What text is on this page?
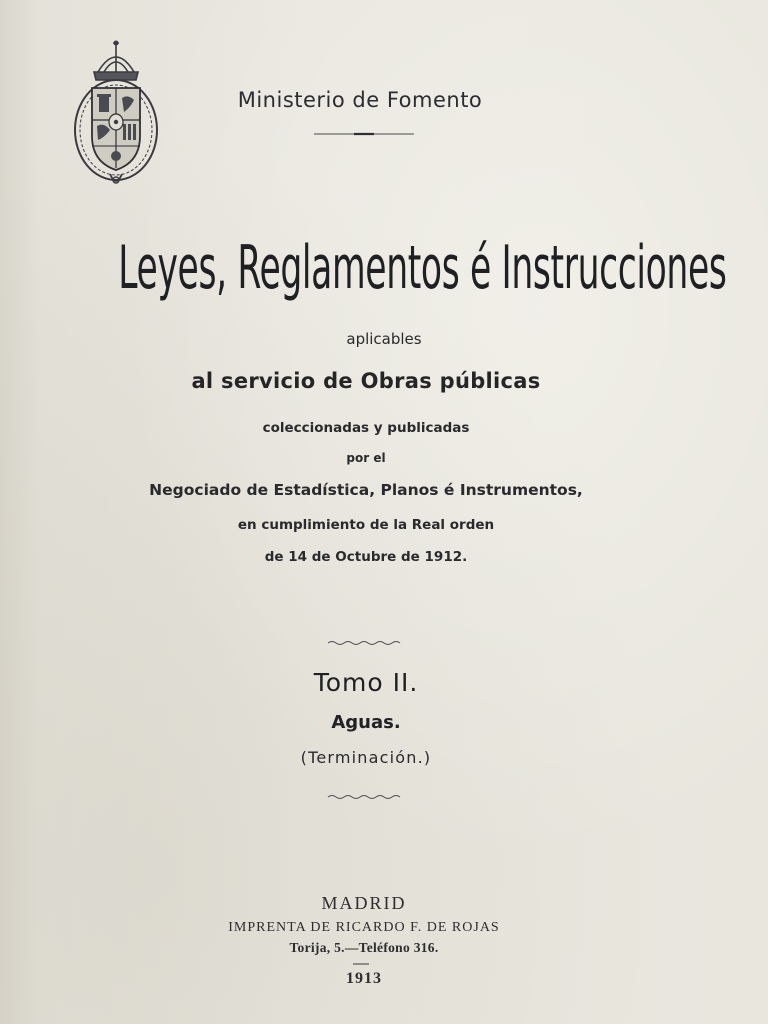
Ministerio de Fomento
Leyes, Reglamentos é Instrucciones
aplicables
al servicio de Obras públicas
coleccionadas y publicadas
por el
Negociado de Estadística, Planos é Instrumentos,
en cumplimiento de la Real orden
de 14 de Octubre de 1912.
Tomo II.
Aguas.
(Terminación.)
MADRID
IMPRENTA DE RICARDO F. DE ROJAS
Torija, 5.—Teléfono 316.
1913
